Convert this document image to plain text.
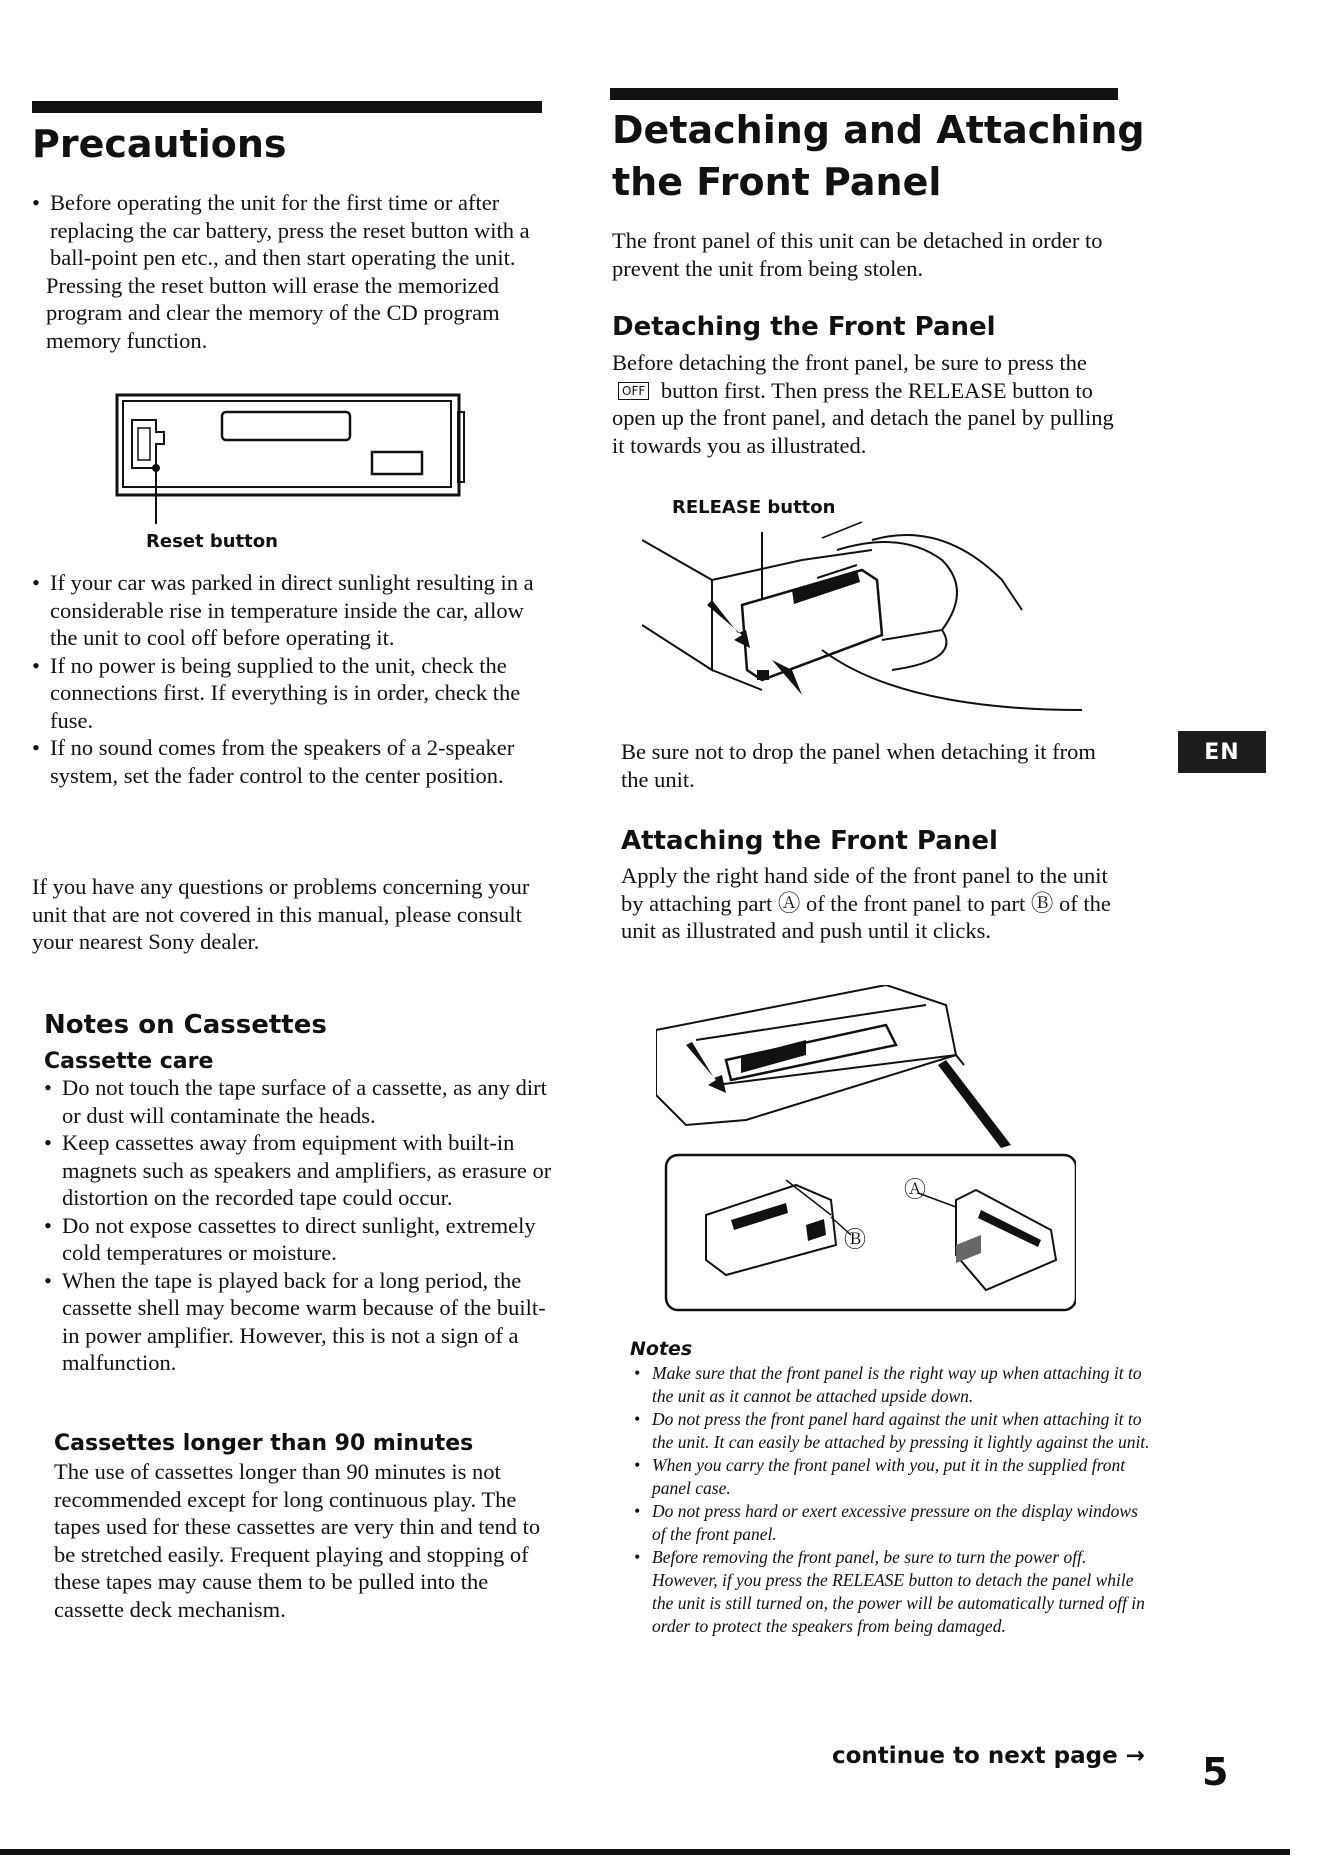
Precautions
• Before operating the unit for the first time or after replacing the car battery, press the reset button with a ball-point pen etc., and then start operating the unit.

Pressing the reset button will erase the memorized program and clear the memory of the CD program memory function.

Reset button
• If your car was parked in direct sunlight resulting in a considerable rise in temperature inside the car, allow the unit to cool off before operating it.
• If no power is being supplied to the unit, check the connections first. If everything is in order, check the fuse.
• If no sound comes from the speakers of a 2-speaker system, set the fader control to the center position.

If you have any questions or problems concerning your unit that are not covered in this manual, please consult your nearest Sony dealer.

Notes on Cassettes
Cassette care
• Do not touch the tape surface of a cassette, as any dirt or dust will contaminate the heads.
• Keep cassettes away from equipment with built-in magnets such as speakers and amplifiers, as erasure or distortion on the recorded tape could occur.
• Do not expose cassettes to direct sunlight, extremely cold temperatures or moisture.
• When the tape is played back for a long period, the cassette shell may become warm because of the built-in power amplifier. However, this is not a sign of a malfunction.
Cassettes longer than 90 minutes

The use of cassettes longer than 90 minutes is not recommended except for long continuous play. The tapes used for these cassettes are very thin and tend to be stretched easily. Frequent playing and stopping of these tapes may cause them to be pulled into the cassette deck mechanism.

Detaching and Attaching
the Front Panel

The front panel of this unit can be detached in order to prevent the unit from being stolen.

Detaching the Front Panel

Before detaching the front panel, be sure to press the OFF button first. Then press the RELEASE button to open up the front panel, and detach the panel by pulling it towards you as illustrated.

RELEASE button

Be sure not to drop the panel when detaching it from the unit.

Attaching the Front Panel

Apply the right hand side of the front panel to the unit by attaching part Ⓐ of the front panel to part Ⓑ of the unit as illustrated and push until it clicks.

Ⓐ
Ⓑ
Notes
• Make sure that the front panel is the right way up when attaching it to the unit as it cannot be attached upside down.
• Do not press the front panel hard against the unit when attaching it to the unit. It can easily be attached by pressing it lightly against the unit.
• When you carry the front panel with you, put it in the supplied front panel case.
• Do not press hard or exert excessive pressure on the display windows of the front panel.
• Before removing the front panel, be sure to turn the power off. However, if you press the RELEASE button to detach the panel while the unit is still turned on, the power will be automatically turned off in order to protect the speakers from being damaged.
EN
continue to next page → 5
